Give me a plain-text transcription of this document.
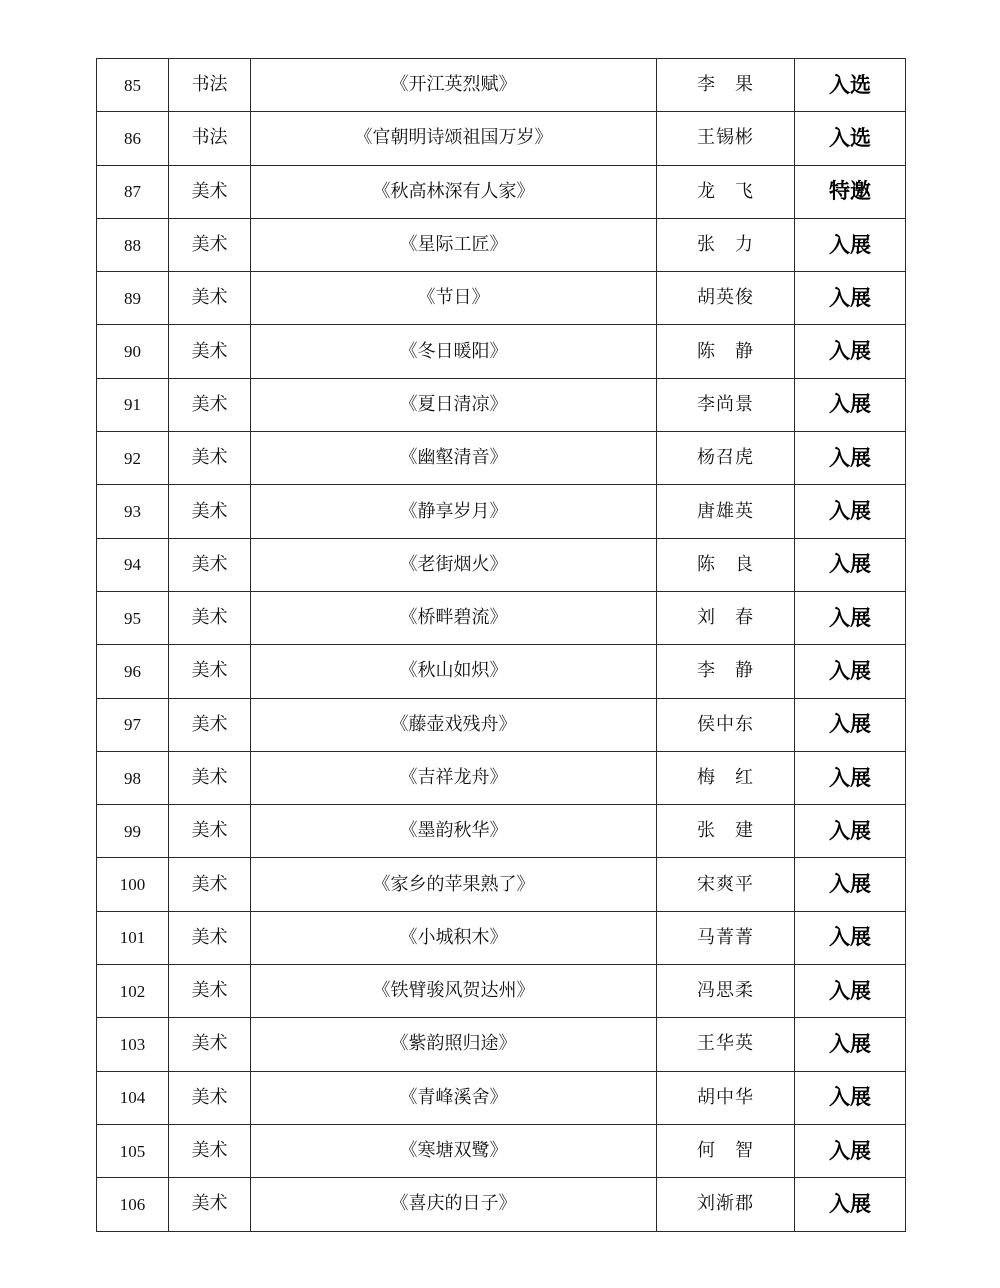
85	书法	《开江英烈赋》	李　果	入选
86	书法	《官朝明诗颂祖国万岁》	王锡彬	入选
87	美术	《秋高林深有人家》	龙　飞	特邀
88	美术	《星际工匠》	张　力	入展
89	美术	《节日》	胡英俊	入展
90	美术	《冬日暖阳》	陈　静	入展
91	美术	《夏日清凉》	李尚景	入展
92	美术	《幽壑清音》	杨召虎	入展
93	美术	《静享岁月》	唐雄英	入展
94	美术	《老街烟火》	陈　良	入展
95	美术	《桥畔碧流》	刘　春	入展
96	美术	《秋山如炽》	李　静	入展
97	美术	《藤壶戏残舟》	侯中东	入展
98	美术	《吉祥龙舟》	梅　红	入展
99	美术	《墨韵秋华》	张　建	入展
100	美术	《家乡的苹果熟了》	宋爽平	入展
101	美术	《小城积木》	马菁菁	入展
102	美术	《铁臂骏风贺达州》	冯思柔	入展
103	美术	《紫韵照归途》	王华英	入展
104	美术	《青峰溪舍》	胡中华	入展
105	美术	《寒塘双鹭》	何　智	入展
106	美术	《喜庆的日子》	刘渐郡	入展
